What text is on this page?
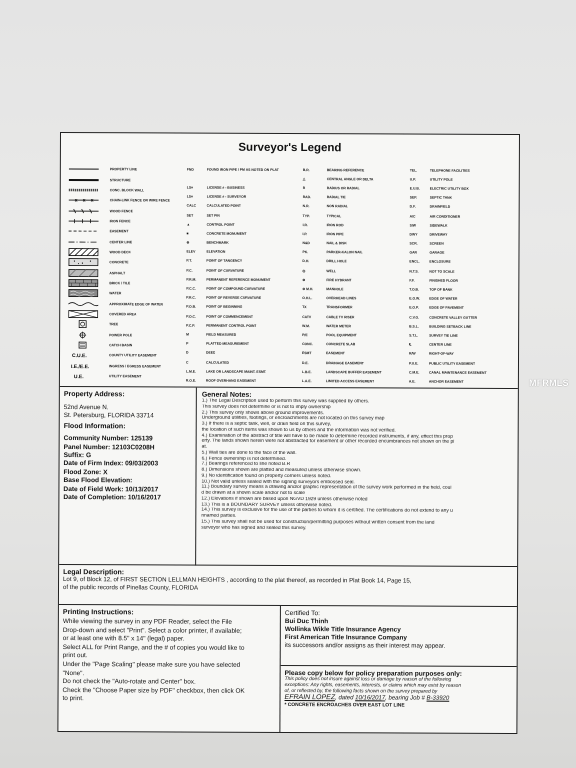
Surveyor's Legend
PROPERTY LINE
STRUCTURE
CONC. BLOCK WALL
x x x	CHAIN-LINK FENCE OR WIRE FENCE
WOOD FENCE
IRON FENCE
EASEMENT
CENTER LINE
WOOD DECK
CONCRETE
ASPHALT
BRICK / TILE
WATER
APPROXIMATE EDGE OF WATER
COVERED AREA
TREE
POWER POLE
CATCH BASIN
C.U.E.	COUNTY UTILITY EASEMENT
I.E./E.E.	INGRESS / EGRESS EASEMENT
U.E.	UTILITY EASEMENT
FND	FOUND IRON PIPE / PM AS NOTED ON PLAT
LS#	LICENSE # - BUSINESS
LS#	LICENSE # - SURVEYOR
CALC	CALCULATED POINT
SET	SET PIN
▲	CONTROL POINT
■	CONCRETE MONUMENT
⊕	BENCHMARK
ELEV	ELEVATION
P.T.	POINT OF TANGENCY
P.C.	POINT OF CURVATURE
P.R.M.	PERMANENT REFERENCE MONUMENT
P.C.C.	POINT OF COMPOUND CURVATURE
P.R.C.	POINT OF REVERSE CURVATURE
P.O.B.	POINT OF BEGINNING
P.O.C.	POINT OF COMMENCEMENT
P.C.P.	PERMANENT CONTROL POINT
M	FIELD MEASURED
P	PLATTED MEASUREMENT
D	DEED
C	CALCULATED
L.M.E.	LAKE OR LANDSCAPE MAINT. ESMT.
R.O.E.	ROOF OVERHANG EASEMENT
B.R.	BEARING REFERENCE
△	CENTRAL ANGLE OR DELTA
R	RADIUS OR RADIAL
RAD.	RADIAL TIE
N.R.	NON RADIAL
TYP.	TYPICAL
I.R.	IRON ROD
I.P.	IRON PIPE
N&D	NAIL & DISK
PK.	PARKER-KALON NAIL
D.H.	DRILL HOLE
◎	WELL
⊗	FIRE HYDRANT
⊚ M.H.	MANHOLE
O.H.L.	OVERHEAD LINES
TX	TRANSFORMER
CATV	CABLE TV RISER
W.M.	WATER METER
P/E	POOL EQUIPMENT
CONC.	CONCRETE SLAB
ESMT	EASEMENT
D.E.	DRAINAGE EASEMENT
L.B.E.	LANDSCAPE BUFFER EASEMENT
L.A.E.	LIMITED ACCESS EASEMENT
TEL.	TELEPHONE FACILITIES
U.P.	UTILITY POLE
E.U.B.	ELECTRIC UTILITY BOX
SEP.	SEPTIC TANK
D.F.	DRAINFIELD
A/C	AIR CONDITIONER
S/W	SIDEWALK
DWY	DRIVEWAY
SCR.	SCREEN
GAR	GARAGE
ENCL.	ENCLOSURE
N.T.S.	NOT TO SCALE
F.F.	FINISHED FLOOR
T.O.B.	TOP OF BANK
E.O.W.	EDGE OF WATER
E.O.P.	EDGE OF PAVEMENT
C.V.G.	CONCRETE VALLEY GUTTER
B.S.L.	BUILDING SETBACK LINE
S.T.L.	SURVEY TIE LINE
℄	CENTER LINE
R/W	RIGHT-OF-WAY
P.U.E.	PUBLIC UTILITY EASEMENT
C.M.E.	CANAL MAINTENANCE EASEMENT
A.E.	ANCHOR EASEMENT
Property Address:
52nd Avenue N.
St. Petersburg, FLORIDA 33714
Flood Information:
Community Number: 125139
Panel Number: 12103C0208H
Suffix: G
Date of Firm Index: 09/03/2003
Flood Zone: X
Base Flood Elevation:
Date of Field Work: 10/13/2017
Date of Completion: 10/16/2017
General Notes:
1.) The Legal Description used to perform this survey was supplied by others.
This survey does not determine or is not to imply ownership
2.) This survey only shows above ground improvements.
Underground utilities, footings, or encroachments are not located on this survey map
3.) If there is a septic tank, well, or drain field on this survey,
the location of such items was shown to us by others and the information was not verified.
4.) Examination of the abstract of title will have to be made to determine recorded instruments, if any, effect this prop
erty. The lands shown herein were not abstracted for easement or other recorded encumbrances not shown on the pl
at.
5.) Wall ties are done to the face of the wall.
6.) Fence ownership is not determined.
7.) Bearings referenced to line noted B.R
8.) Dimensions shown are platted and measured unless otherwise shown.
9.) No identification found on property corners unless noted.
10.) Not valid unless sealed with the signing surveyors embossed seal.
11.) Boundary survey means a drawing and/or graphic representation of the survey work performed in the field, coul
d be drawn at a shown scale and/or not to scale
12.) Elevations if shown are based upon NGVD 1929 unless otherwise noted
13.) This is a BOUNDARY SURVEY unless otherwise noted.
14.) This survey is exclusive for the use of the parties to whom it is certified. The certifications do not extend to any u
nnamed parties.
15.) This survey shall not be used for construction/permitting purposes without written consent from the land
surveyor who has signed and sealed this survey.
Legal Description:
Lot 9, of Block 12, of FIRST SECTION LELLMAN HEIGHTS , according to the plat thereof, as recorded in Plat Book 14, Page 15,
of the public records of Pinellas County, FLORIDA
Printing Instructions:
While viewing the survey in any PDF Reader, select the File
Drop-down and select "Print". Select a color printer, if available;
or at least one with 8.5" x 14" (legal) paper.
Select ALL for Print Range, and the # of copies you would like to
print out.
Under the "Page Scaling" please make sure you have selected
"None".
Do not check the "Auto-rotate and Center" box.
Check the "Choose Paper size by PDF" checkbox, then click OK
to print.
Certified To:
Bui Duc Thinh
Wollinka Wikle Title Insurance Agency
First American Title Insurance Company
its successors and/or assigns as their interest may appear.
Please copy below for policy preparation purposes only:
This policy does not insure against loss or damage by reason of the following
exceptions: Any rights, easements, interests, or claims which may exist by reason
of, or reflected by, the following facts shown on the survey prepared by
EFRAIN LOPEZ, dated 10/16/2017, bearing Job # B-33920
* CONCRETE ENCROACHES OVER EAST LOT LINE
MFRMLS
